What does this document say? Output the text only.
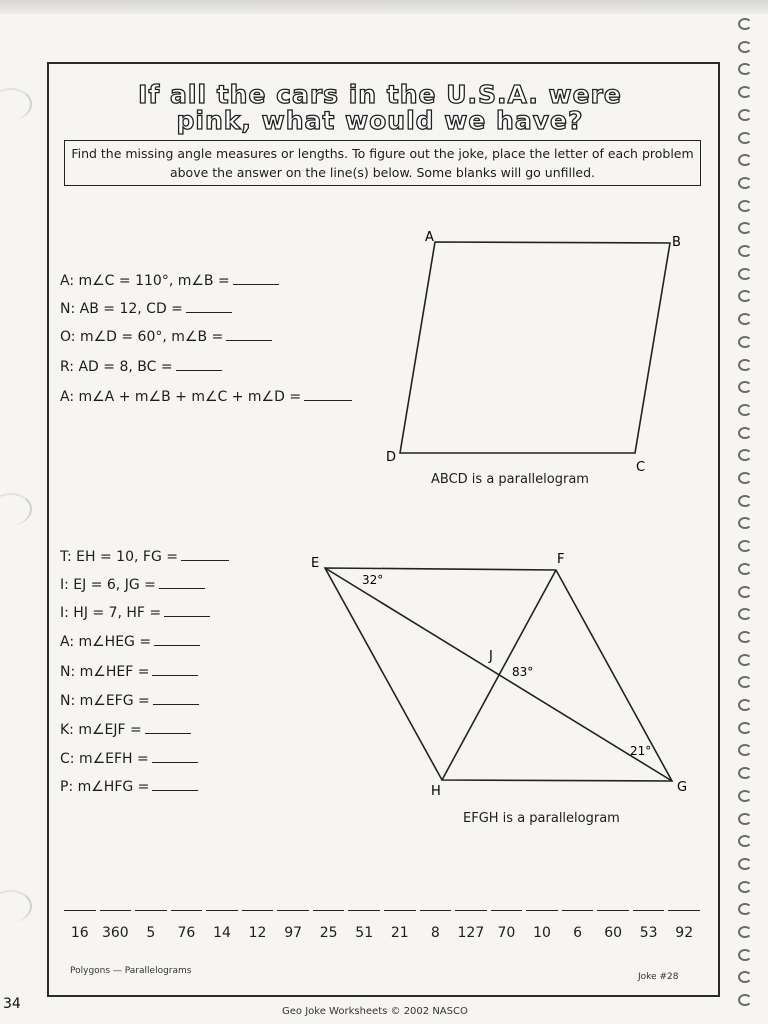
If all the cars in the U.S.A. were
pink, what would we have?
Find the missing angle measures or lengths. To figure out the joke, place the letter of each problem above the answer on the line(s) below. Some blanks will go unfilled.
A: m∠C = 110°, m∠B =
N: AB = 12, CD =
O: m∠D = 60°, m∠B =
R: AD = 8, BC =
A: m∠A + m∠B + m∠C + m∠D =
A	B
C
D
ABCD is a parallelogram
T: EH = 10, FG =
I: EJ = 6, JG =
I: HJ = 7, HF =
A: m∠HEG =
N: m∠HEF =
N: m∠EFG =
K: m∠EJF =
C: m∠EFH =
P: m∠HFG =
E	F
G
H
J
32°
83°
21°
EFGH is a parallelogram
16 360	5	76	14	12	97	25	51	21	8	127 70	10	6	60	53	92
Polygons — Parallelograms
Joke #28
34	Geo Joke Worksheets © 2002 NASCO
